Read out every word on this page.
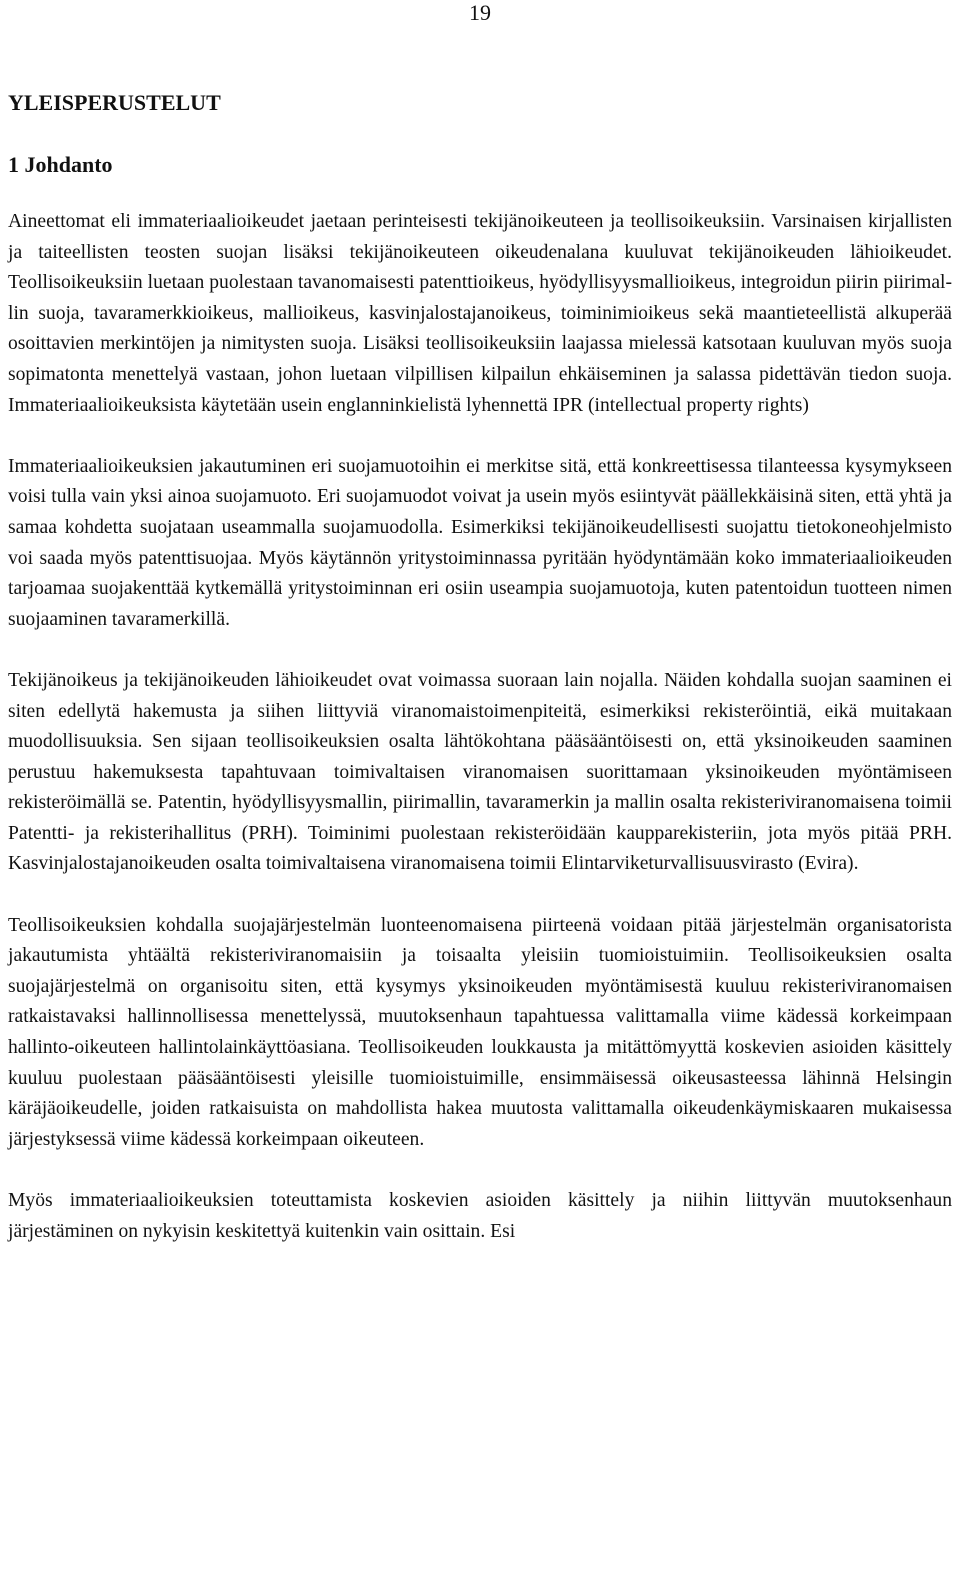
19
YLEISPERUSTELUT
1 Johdanto

Aineettomat eli immateriaalioikeudet jaetaan perinteisesti tekijänoikeuteen ja teollisoikeuksiin. Varsinaisen kirjallisten ja taiteellisten teosten suojan lisäksi tekijänoikeuteen oikeudenalana kuuluvat tekijänoikeuden lähioikeudet. Teollisoikeuksiin luetaan puolestaan tavanomaisesti patenttioikeus, hyödyllisyysmallioikeus, integroidun piirin piirimallin suoja, tavaramerkkioikeus, mallioikeus, kasvinjalostajanoikeus, toiminimioikeus sekä maantieteellistä alkuperää osoittavien merkintöjen ja nimitysten suoja. Lisäksi teollisoikeuksiin laajassa mielessä katsotaan kuuluvan myös suoja sopimatonta menettelyä vastaan, johon luetaan vilpillisen kilpailun ehkäiseminen ja salassa pidettävän tiedon suoja. Immateriaalioikeuksista käytetään usein englanninkielistä lyhennettä IPR (intellectual property rights)

Immateriaalioikeuksien jakautuminen eri suojamuotoihin ei merkitse sitä, että konkreettisessa tilanteessa kysymykseen voisi tulla vain yksi ainoa suojamuoto. Eri suojamuodot voivat ja usein myös esiintyvät päällekkäisinä siten, että yhtä ja samaa kohdetta suojataan useammalla suojamuodolla. Esimerkiksi tekijänoikeudellisesti suojattu tietokoneohjelmisto voi saada myös patenttisuojaa. Myös käytännön yritystoiminnassa pyritään hyödyntämään koko immateriaalioikeuden tarjoamaa suojakenttää kytkemällä yritystoiminnan eri osiin useampia suojamuotoja, kuten patentoidun tuotteen nimen suojaaminen tavaramerkillä.

Tekijänoikeus ja tekijänoikeuden lähioikeudet ovat voimassa suoraan lain nojalla. Näiden kohdalla suojan saaminen ei siten edellytä hakemusta ja siihen liittyviä viranomaistoimenpiteitä, esimerkiksi rekisteröintiä, eikä muitakaan muodollisuuksia. Sen sijaan teollisoikeuksien osalta lähtökohtana pääsääntöisesti on, että yksinoikeuden saaminen perustuu hakemuksesta tapahtuvaan toimivaltaisen viranomaisen suorittamaan yksinoikeuden myöntämiseen rekisteröimällä se. Patentin, hyödyllisyysmallin, piirimallin, tavaramerkin ja mallin osalta rekisteriviranomaisena toimii Patentti- ja rekisterihallitus (PRH). Toiminimi puolestaan rekisteröidään kaupparekisteriin, jota myös pitää PRH. Kasvinjalostajanoikeuden osalta toimivaltaisena viranomaisena toimii Elintarviketurvallisuusvirasto (Evira).

Teollisoikeuksien kohdalla suojajärjestelmän luonteenomaisena piirteenä voidaan pitää järjestelmän organisatorista jakautumista yhtäältä rekisteriviranomaisiin ja toisaalta yleisiin tuomioistuimiin. Teollisoikeuksien osalta suojajärjestelmä on organisoitu siten, että kysymys yksinoikeuden myöntämisestä kuuluu rekisteriviranomaisen ratkaistavaksi hallinnollisessa menettelyssä, muutoksenhaun tapahtuessa valittamalla viime kädessä korkeimpaan hallinto-oikeuteen hallintolainkäyttöasiana. Teollisoikeuden loukkausta ja mitättömyyttä koskevien asioiden käsittely kuuluu puolestaan pääsääntöisesti yleisille tuomioistuimille, ensimmäisessä oikeusasteessa lähinnä Helsingin käräjäoikeudelle, joiden ratkaisuista on mahdollista hakea muutosta valittamalla oikeudenkäymiskaaren mukaisessa järjestyksessä viime kädessä korkeimpaan oikeuteen.

Myös immateriaalioikeuksien toteuttamista koskevien asioiden käsittely ja niihin liittyvän muutoksenhaun järjestäminen on nykyisin keskitettyä kuitenkin vain osittain. Esi
